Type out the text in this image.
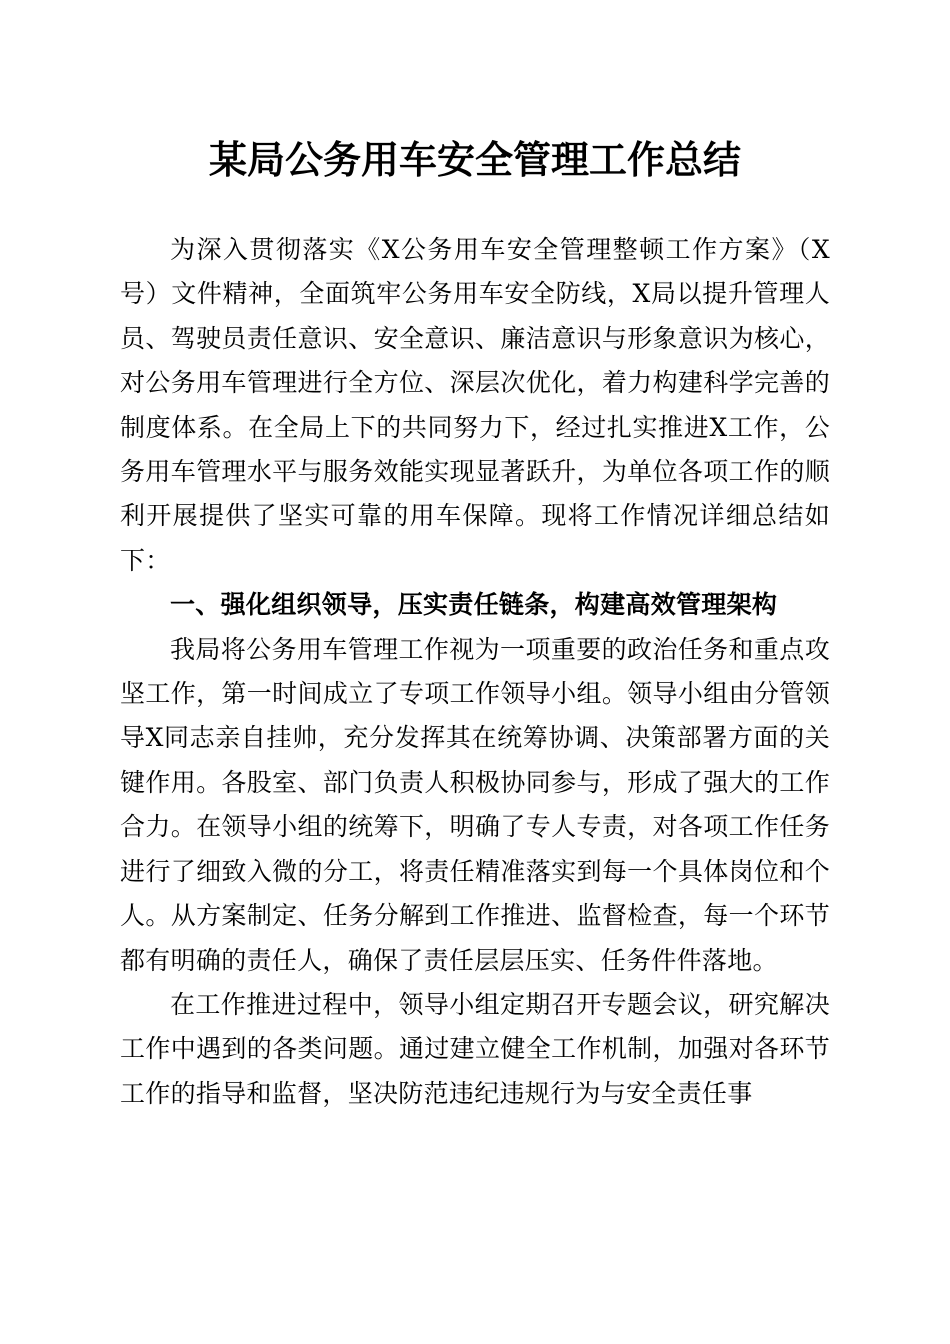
某局公务用车安全管理工作总结

为深入贯彻落实《X公务用车安全管理整顿工作方案》（X号）文件精神，全面筑牢公务用车安全防线，X局以提升管理人员、驾驶员责任意识、安全意识、廉洁意识与形象意识为核心，对公务用车管理进行全方位、深层次优化，着力构建科学完善的制度体系。在全局上下的共同努力下，经过扎实推进X工作，公务用车管理水平与服务效能实现显著跃升，为单位各项工作的顺利开展提供了坚实可靠的用车保障。现将工作情况详细总结如下：

一、强化组织领导，压实责任链条，构建高效管理架构

我局将公务用车管理工作视为一项重要的政治任务和重点攻坚工作，第一时间成立了专项工作领导小组。领导小组由分管领导X同志亲自挂帅，充分发挥其在统筹协调、决策部署方面的关键作用。各股室、部门负责人积极协同参与，形成了强大的工作合力。在领导小组的统筹下，明确了专人专责，对各项工作任务进行了细致入微的分工，将责任精准落实到每一个具体岗位和个人。从方案制定、任务分解到工作推进、监督检查，每一个环节都有明确的责任人，确保了责任层层压实、任务件件落地。

在工作推进过程中，领导小组定期召开专题会议，研究解决工作中遇到的各类问题。通过建立健全工作机制，加强对各环节工作的指导和监督，坚决防范违纪违规行为与安全责任事
